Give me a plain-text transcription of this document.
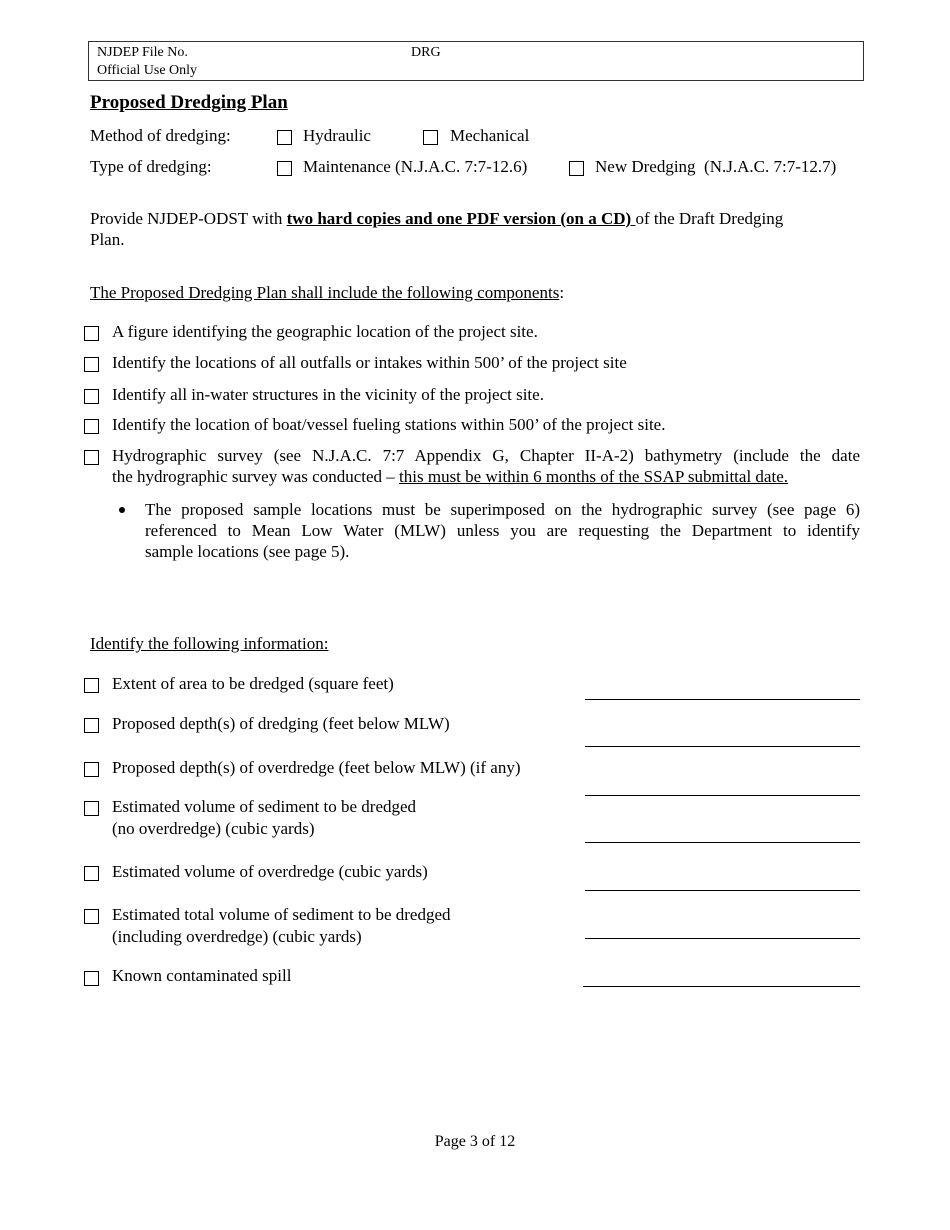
NJDEP File No.
Official Use Only
DRG
Proposed Dredging Plan
Method of dredging:	Hydraulic	Mechanical
Type of dredging:	Maintenance (N.J.A.C. 7:7-12.6)	New Dredging  (N.J.A.C. 7:7-12.7)
Provide NJDEP-ODST with two hard copies and one PDF version (on a CD) of the Draft Dredging
Plan.
The Proposed Dredging Plan shall include the following components:
A figure identifying the geographic location of the project site.
Identify the locations of all outfalls or intakes within 500’ of the project site
Identify all in-water structures in the vicinity of the project site.
Identify the location of boat/vessel fueling stations within 500’ of the project site.
Hydrographic survey (see N.J.A.C. 7:7 Appendix G, Chapter II-A-2) bathymetry (include the date
the hydrographic survey was conducted – this must be within 6 months of the SSAP submittal date.
The proposed sample locations must be superimposed on the hydrographic survey (see page 6)
referenced to Mean Low Water (MLW) unless you are requesting the Department to identify
sample locations (see page 5).
Identify the following information:
Extent of area to be dredged (square feet)
Proposed depth(s) of dredging (feet below MLW)
Proposed depth(s) of overdredge (feet below MLW) (if any)
Estimated volume of sediment to be dredged
(no overdredge) (cubic yards)
Estimated volume of overdredge (cubic yards)
Estimated total volume of sediment to be dredged
(including overdredge) (cubic yards)
Known contaminated spill
Page 3 of 12
